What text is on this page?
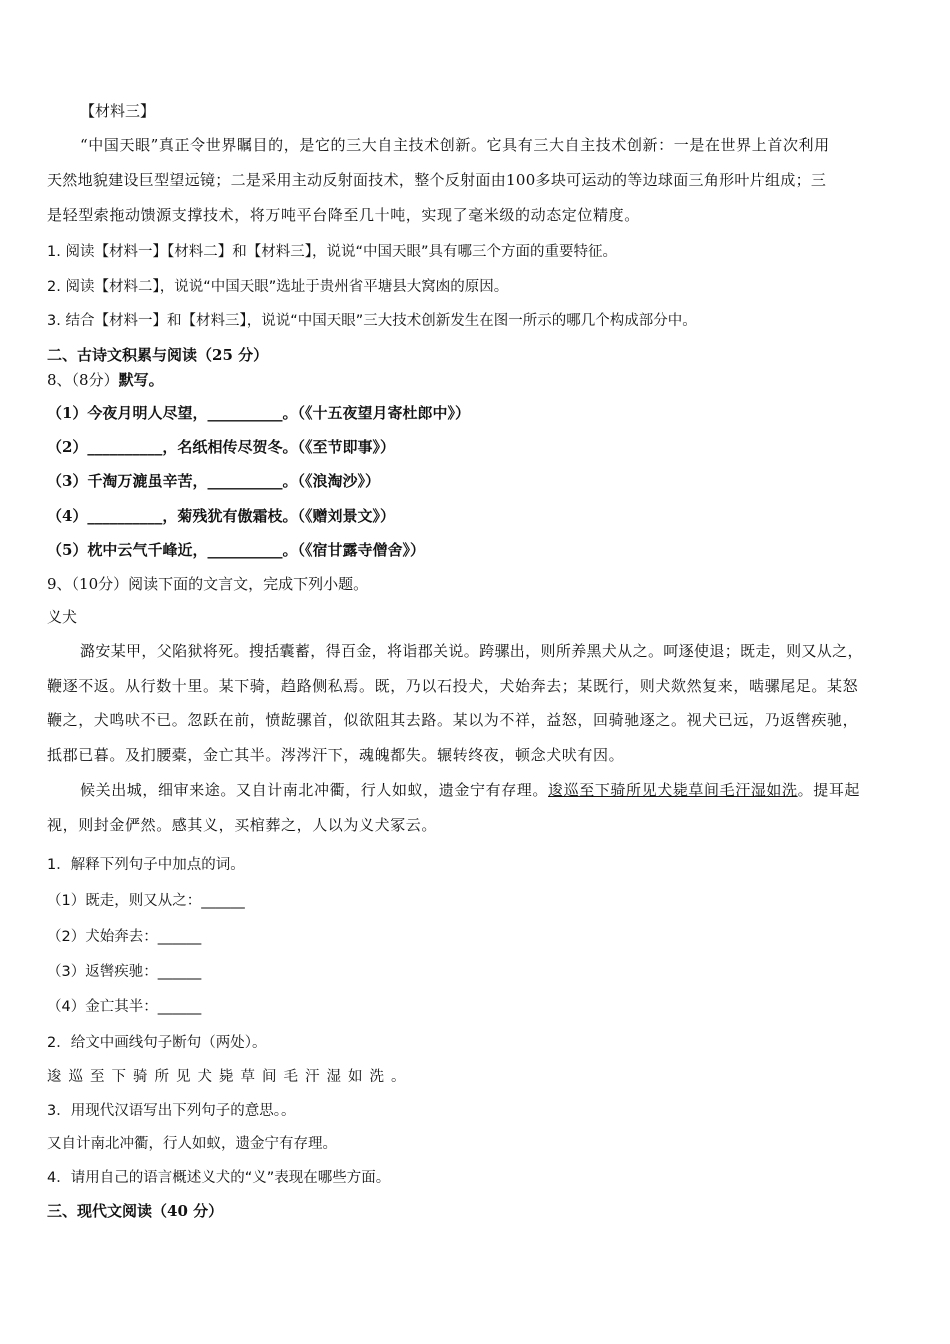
【材料三】
“中国天眼”真正令世界瞩目的，是它的三大自主技术创新。它具有三大自主技术创新：一是在世界上首次利用
天然地貌建设巨型望远镜；二是采用主动反射面技术，整个反射面由100多块可运动的等边球面三角形叶片组成；三
是轻型索拖动馈源支撑技术，将万吨平台降至几十吨，实现了毫米级的动态定位精度。
1. 阅读【材料一】【材料二】和【材料三】，说说“中国天眼”具有哪三个方面的重要特征。
2. 阅读【材料二】，说说“中国天眼”选址于贵州省平塘县大窝凼的原因。
3. 结合【材料一】和【材料三】，说说“中国天眼”三大技术创新发生在图一所示的哪几个构成部分中。
二、古诗文积累与阅读（25 分）
8、（8分）默写。
（1）今夜月明人尽望，__________。（《十五夜望月寄杜郎中》）
（2）__________，名纸相传尽贺冬。（《至节即事》）
（3）千淘万漉虽辛苦，__________。（《浪淘沙》）
（4）__________，菊残犹有傲霜枝。（《赠刘景文》）
（5）枕中云气千峰近，__________。（《宿甘露寺僧舍》）
9、（10分）阅读下面的文言文，完成下列小题。
义犬
潞安某甲，父陷狱将死。搜括囊蓄，得百金，将诣郡关说。跨骡出，则所养黑犬从之。呵逐使退；既走，则又从之，
鞭逐不返。从行数十里。某下骑，趋路侧私焉。既，乃以石投犬，犬始奔去；某既行，则犬欻然复来，啮骡尾足。某怒
鞭之，犬鸣吠不已。忽跃在前，愤龁骡首，似欲阻其去路。某以为不祥，益怒，回骑驰逐之。视犬已远，乃返辔疾驰，
抵郡已暮。及扪腰橐，金亡其半。涔涔汗下，魂魄都失。辗转终夜，顿念犬吠有因。
候关出城，细审来途。又自计南北冲衢，行人如蚁，遗金宁有存理。逡巡至下骑所见犬毙草间毛汗湿如洗。提耳起
视，则封金俨然。感其义，买棺葬之，人以为义犬冢云。
1．解释下列句子中加点的词。
（1）既走，则又从之：______
（2）犬始奔去：______
（3）返辔疾驰：______
（4）金亡其半：______
2．给文中画线句子断句（两处）。
逡巡至下骑所见犬毙草间毛汗湿如洗。
3．用现代汉语写出下列句子的意思。。
又自计南北冲衢，行人如蚁，遗金宁有存理。
4．请用自己的语言概述义犬的“义”表现在哪些方面。
三、现代文阅读（40 分）
